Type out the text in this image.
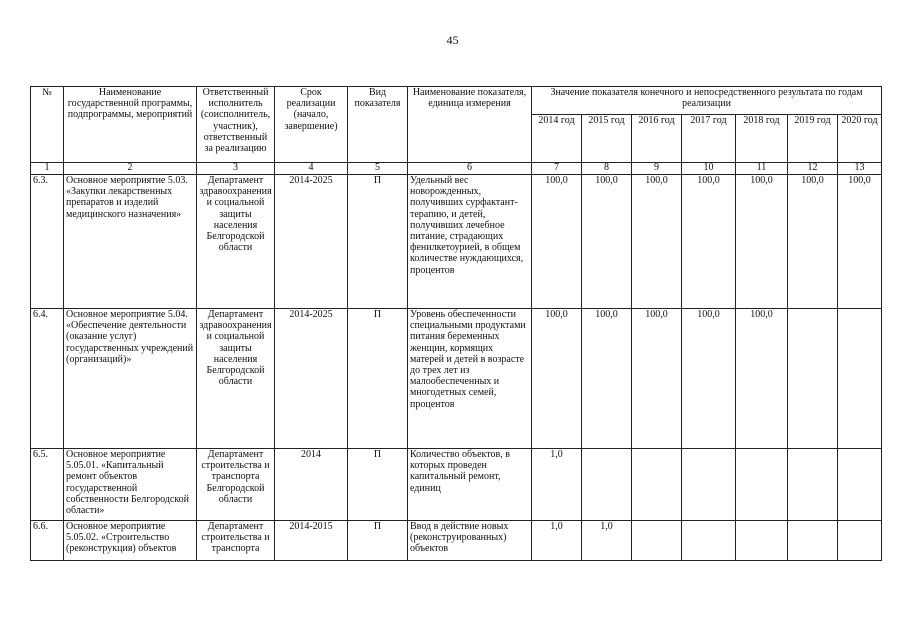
45
№	Наименование государственной программы, подпрограммы, мероприятий	Ответственный исполнитель (соисполнитель, участник), ответственный за реализацию	Срок реализации (начало, завершение)	Вид показателя	Наименование показателя, единица измерения	Значение показателя конечного и непосредственного результата по годам реализации						
						2014 год	2015 год	2016 год	2017 год	2018 год	2019 год	2020 год
1	2	3	4	5	6	7	8	9	10	11	12	13
6.3.	Основное мероприятие 5.03. «Закупки лекарственных препаратов и изделий медицинского назначения»	Департамент здравоохранения и социальной защиты населения Белгородской области	2014-2025	П	Удельный вес новорожденных, получивших сурфактант-терапию, и детей, получивших лечебное питание, страдающих фенилкетоурией, в общем количестве нуждающихся, процентов	100,0	100,0	100,0	100,0	100,0	100,0	100,0
6.4.	Основное мероприятие 5.04. «Обеспечение деятельности (оказание услуг) государственных учреждений (организаций)»	Департамент здравоохранения и социальной защиты населения Белгородской области	2014-2025	П	Уровень обеспеченности специальными продуктами питания беременных женщин, кормящих матерей и детей в возрасте до трех лет из малообеспеченных и многодетных семей, процентов	100,0	100,0	100,0	100,0	100,0		
6.5.	Основное мероприятие 5.05.01. «Капитальный ремонт объектов государственной собственности Белгородской области»	Департамент строительства и транспорта Белгородской области	2014	П	Количество объектов, в которых проведен капитальный ремонт, единиц	1,0						
6.6.	Основное мероприятие 5.05.02. «Строительство (реконструкция) объектов	Департамент строительства и транспорта	2014-2015	П	Ввод в действие новых (реконструированных) объектов	1,0	1,0					
